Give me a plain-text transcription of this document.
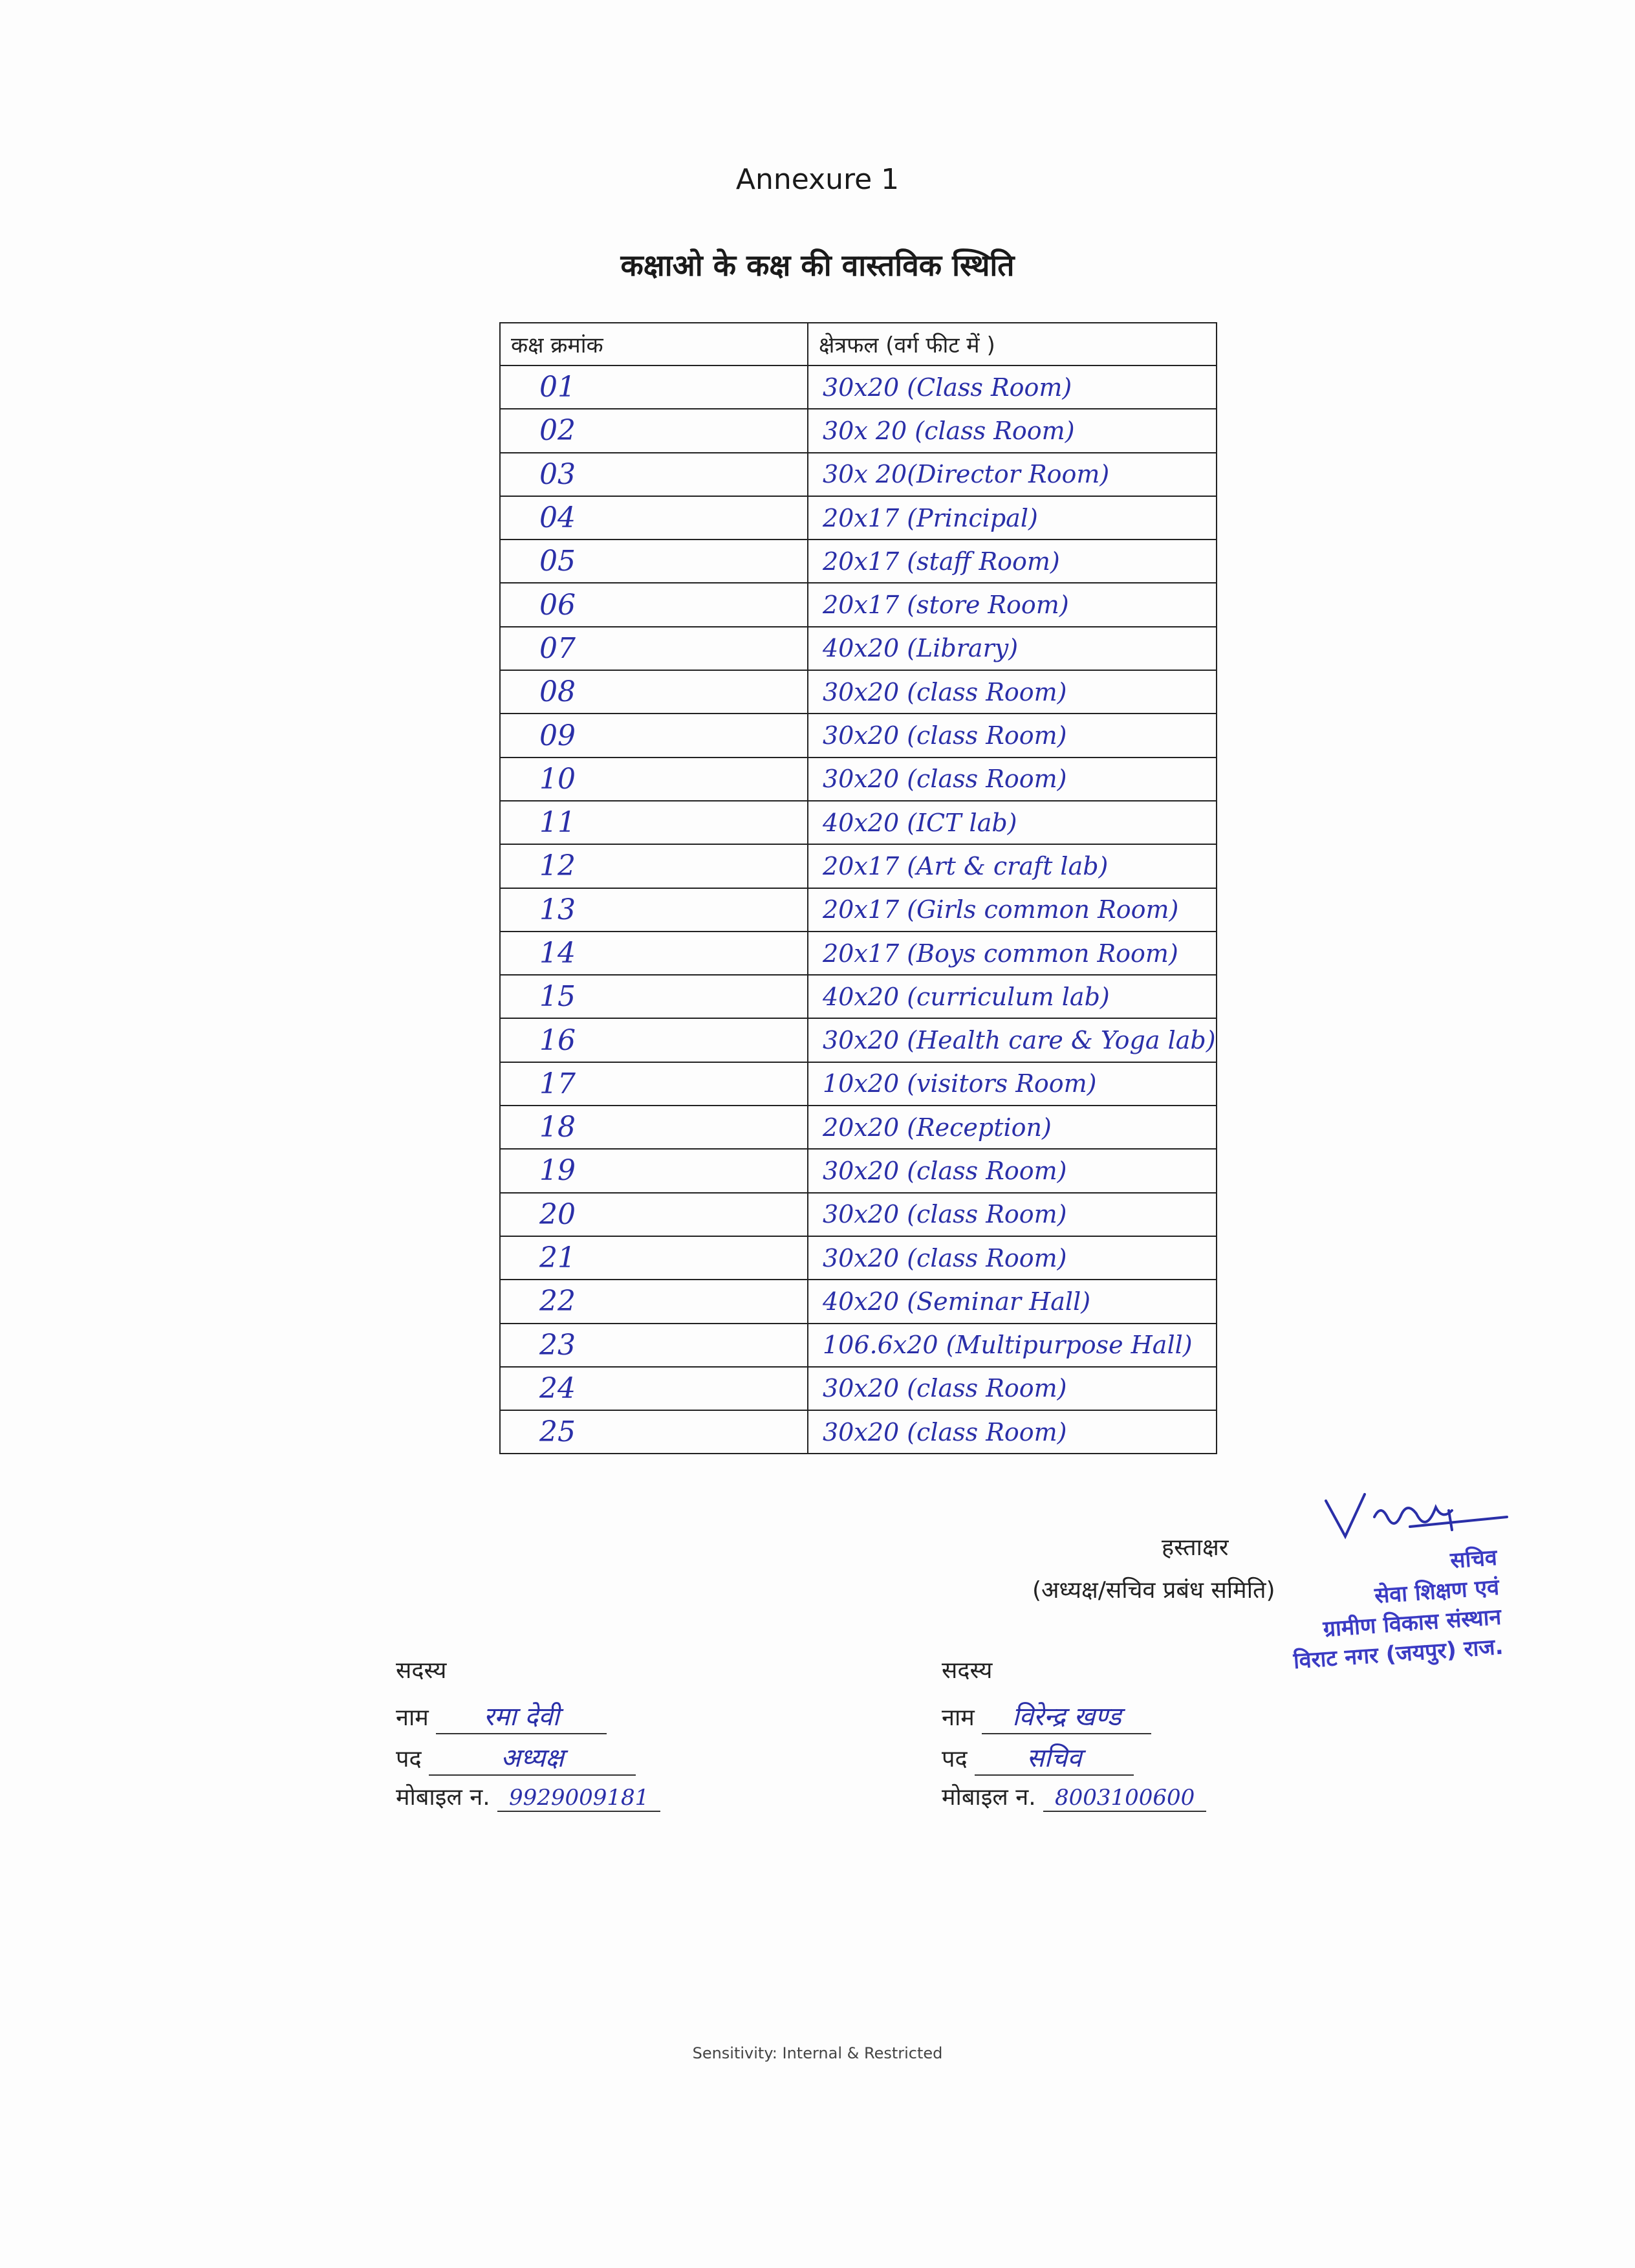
Annexure 1
कक्षाओ के कक्ष की वास्तविक स्थिति
कक्ष क्रमांक	क्षेत्रफल (वर्ग फीट में )
01	30x20 (Class Room)
02	30x 20 (class Room)
03	30x 20(Director Room)
04	20x17 (Principal)
05	20x17 (staff Room)
06	20x17 (store Room)
07	40x20 (Library)
08	30x20 (class Room)
09	30x20 (class Room)
10	30x20 (class Room)
11	40x20 (ICT lab)
12	20x17 (Art & craft lab)
13	20x17 (Girls common Room)
14	20x17 (Boys common Room)
15	40x20 (curriculum lab)
16	30x20 (Health care & Yoga lab)
17	10x20 (visitors Room)
18	20x20 (Reception)
19	30x20 (class Room)
20	30x20 (class Room)
21	30x20 (class Room)
22	40x20 (Seminar Hall)
23	106.6x20 (Multipurpose Hall)
24	30x20 (class Room)
25	30x20 (class Room)
हस्ताक्षर
(अध्यक्ष/सचिव प्रबंध समिति)
सचिव
सेवा शिक्षण एवं
ग्रामीण विकास संस्थान
विराट नगर (जयपुर) राज.
सदस्य
नाम रमा देवी
पद	अध्यक्ष
मोबाइल न. 9929009181
सदस्य
नाम विरेन्द्र खण्ड
पद सचिव
मोबाइल न. 8003100600
Sensitivity: Internal & Restricted
